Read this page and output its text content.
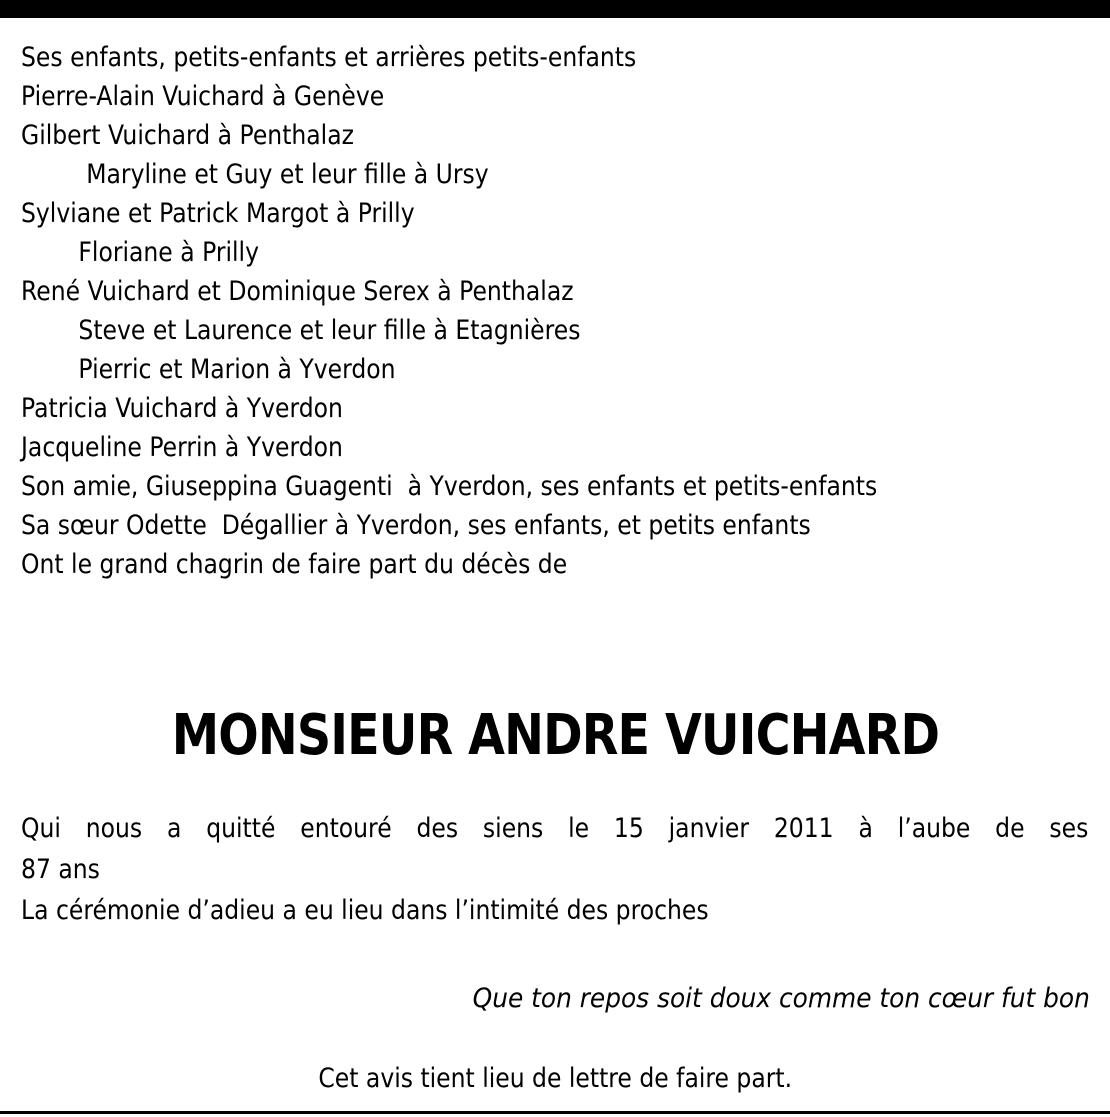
Ses enfants, petits-enfants et arrières petits-enfants
Pierre-Alain Vuichard à Genève
Gilbert Vuichard à Penthalaz
Maryline et Guy et leur fille à Ursy
Sylviane et Patrick Margot à Prilly
Floriane à Prilly
René Vuichard et Dominique Serex à Penthalaz
Steve et Laurence et leur fille à Etagnières
Pierric et Marion à Yverdon
Patricia Vuichard à Yverdon
Jacqueline Perrin à Yverdon
Son amie, Giuseppina Guagenti  à Yverdon, ses enfants et petits-enfants
Sa sœur Odette  Dégallier à Yverdon, ses enfants, et petits enfants
Ont le grand chagrin de faire part du décès de
MONSIEUR ANDRE VUICHARD
Qui nous a quitté entouré des siens le 15 janvier 2011 à l’aube de ses
87 ans
La cérémonie d’adieu a eu lieu dans l’intimité des proches
Que ton repos soit doux comme ton cœur fut bon
Cet avis tient lieu de lettre de faire part.
